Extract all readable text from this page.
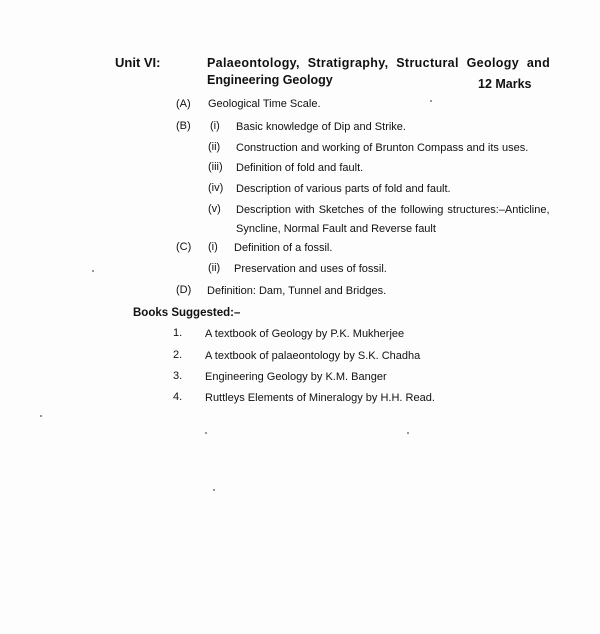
Unit VI:	Palaeontology, Stratigraphy, Structural Geology and
Engineering Geology	12 Marks
(A) Geological Time Scale.
(B) (i) Basic knowledge of Dip and Strike.
(ii) Construction and working of Brunton Compass and its uses.
(iii) Definition of fold and fault.
(iv) Description of various parts of fold and fault.
(v) Description with Sketches of the following structures:–Anticline,
Syncline, Normal Fault and Reverse fault
(C) (i) Definition of a fossil.
(ii) Preservation and uses of fossil.
(D) Definition: Dam, Tunnel and Bridges.
Books Suggested:–
1. A textbook of Geology by P.K. Mukherjee
2. A textbook of palaeontology by S.K. Chadha
3. Engineering Geology by K.M. Banger
4. Ruttleys Elements of Mineralogy by H.H. Read.
